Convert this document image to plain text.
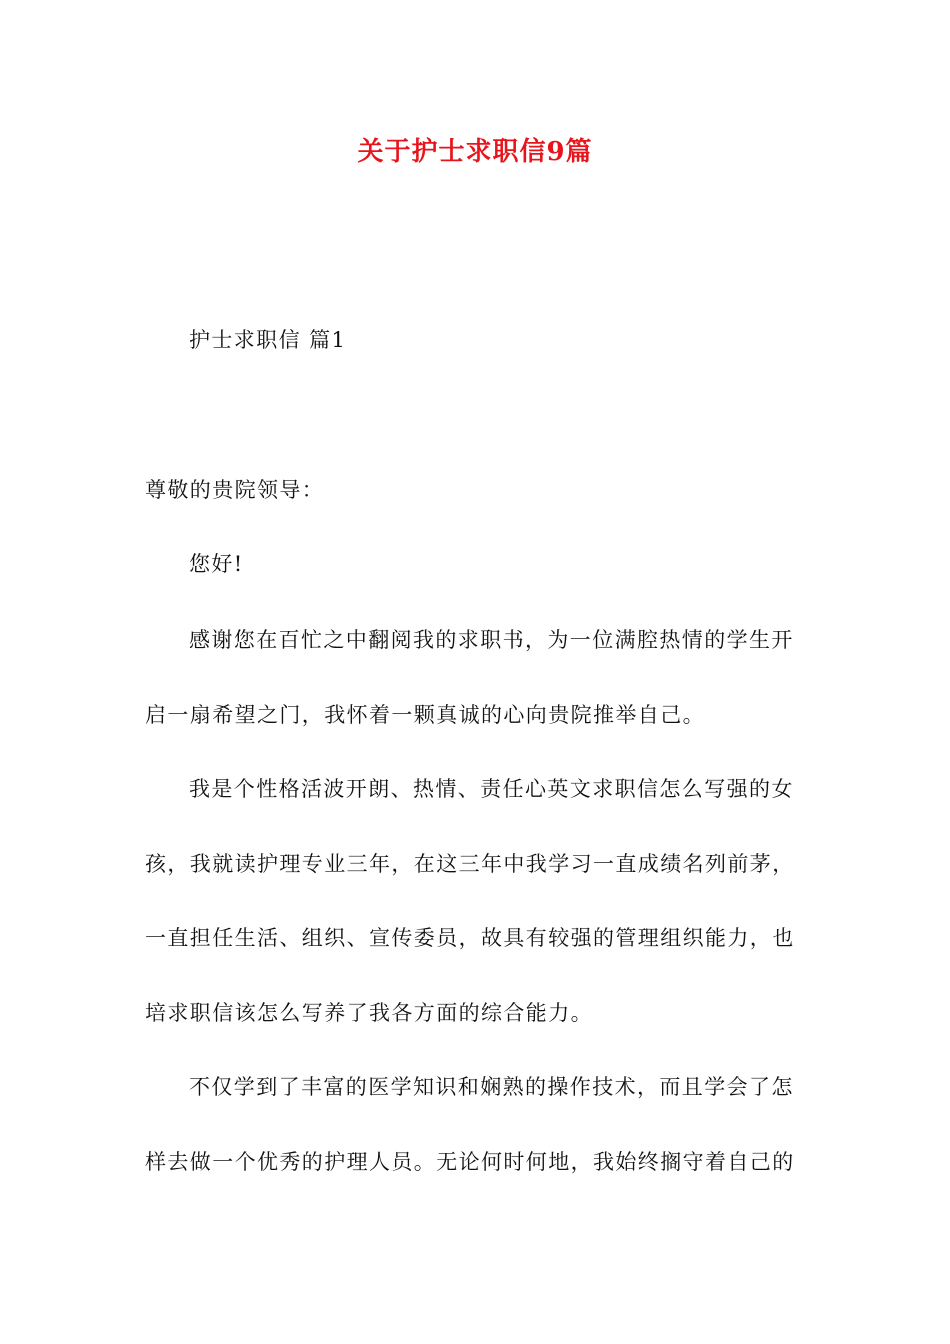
关于护士求职信9篇
护士求职信 篇1
尊敬的贵院领导：
您好!
感谢您在百忙之中翻阅我的求职书，为一位满腔热情的学生开
启一扇希望之门，我怀着一颗真诚的心向贵院推举自己。
我是个性格活波开朗、热情、责任心英文求职信怎么写强的女
孩，我就读护理专业三年，在这三年中我学习一直成绩名列前茅，
一直担任生活、组织、宣传委员，故具有较强的管理组织能力，也
培求职信该怎么写养了我各方面的综合能力。
不仅学到了丰富的医学知识和娴熟的操作技术，而且学会了怎
样去做一个优秀的护理人员。无论何时何地，我始终搁守着自己的
